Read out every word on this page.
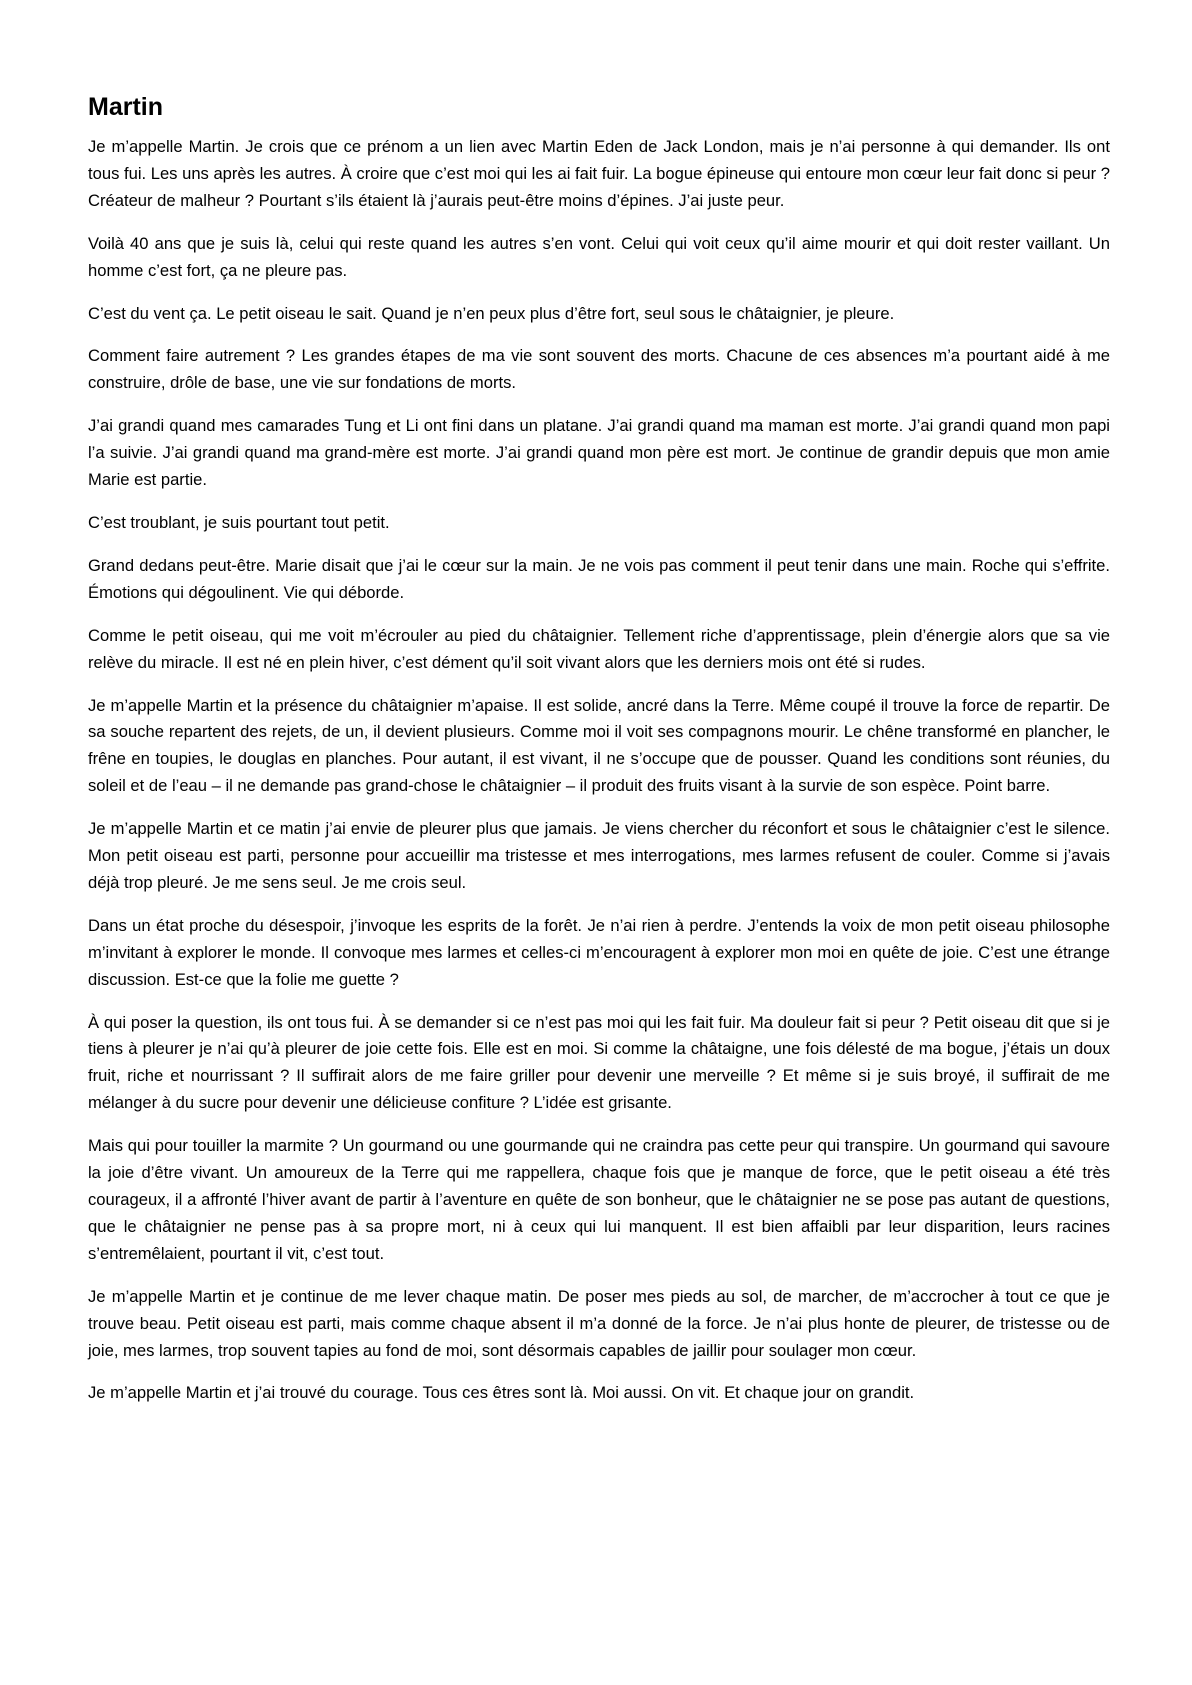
Martin

Je m’appelle Martin. Je crois que ce prénom a un lien avec Martin Eden de Jack London, mais je n’ai personne à qui demander. Ils ont tous fui. Les uns après les autres. À croire que c’est moi qui les ai fait fuir. La bogue épineuse qui entoure mon cœur leur fait donc si peur ? Créateur de malheur ? Pourtant s’ils étaient là j’aurais peut-être moins d’épines. J’ai juste peur.

Voilà 40 ans que je suis là, celui qui reste quand les autres s’en vont. Celui qui voit ceux qu’il aime mourir et qui doit rester vaillant. Un homme c’est fort, ça ne pleure pas.

C’est du vent ça. Le petit oiseau le sait. Quand je n’en peux plus d’être fort, seul sous le châtaignier, je pleure.

Comment faire autrement ? Les grandes étapes de ma vie sont souvent des morts. Chacune de ces absences m’a pourtant aidé à me construire, drôle de base, une vie sur fondations de morts.

J’ai grandi quand mes camarades Tung et Li ont fini dans un platane. J’ai grandi quand ma maman est morte. J’ai grandi quand mon papi l’a suivie. J’ai grandi quand ma grand-mère est morte. J’ai grandi quand mon père est mort. Je continue de grandir depuis que mon amie Marie est partie.

C’est troublant, je suis pourtant tout petit.

Grand dedans peut-être. Marie disait que j’ai le cœur sur la main. Je ne vois pas comment il peut tenir dans une main. Roche qui s’effrite. Émotions qui dégoulinent. Vie qui déborde.

Comme le petit oiseau, qui me voit m’écrouler au pied du châtaignier. Tellement riche d’apprentissage, plein d’énergie alors que sa vie relève du miracle. Il est né en plein hiver, c’est dément qu’il soit vivant alors que les derniers mois ont été si rudes.

Je m’appelle Martin et la présence du châtaignier m’apaise. Il est solide, ancré dans la Terre. Même coupé il trouve la force de repartir. De sa souche repartent des rejets, de un, il devient plusieurs. Comme moi il voit ses compagnons mourir. Le chêne transformé en plancher, le frêne en toupies, le douglas en planches. Pour autant, il est vivant, il ne s’occupe que de pousser. Quand les conditions sont réunies, du soleil et de l’eau – il ne demande pas grand-chose le châtaignier – il produit des fruits visant à la survie de son espèce. Point barre.

Je m’appelle Martin et ce matin j’ai envie de pleurer plus que jamais. Je viens chercher du réconfort et sous le châtaignier c’est le silence. Mon petit oiseau est parti, personne pour accueillir ma tristesse et mes interrogations, mes larmes refusent de couler. Comme si j’avais déjà trop pleuré. Je me sens seul. Je me crois seul.

Dans un état proche du désespoir, j’invoque les esprits de la forêt. Je n’ai rien à perdre. J’entends la voix de mon petit oiseau philosophe m’invitant à explorer le monde. Il convoque mes larmes et celles-ci m’encouragent à explorer mon moi en quête de joie. C’est une étrange discussion. Est-ce que la folie me guette ?

À qui poser la question, ils ont tous fui. À se demander si ce n’est pas moi qui les fait fuir. Ma douleur fait si peur ? Petit oiseau dit que si je tiens à pleurer je n’ai qu’à pleurer de joie cette fois. Elle est en moi. Si comme la châtaigne, une fois délesté de ma bogue, j’étais un doux fruit, riche et nourrissant ? Il suffirait alors de me faire griller pour devenir une merveille ? Et même si je suis broyé, il suffirait de me mélanger à du sucre pour devenir une délicieuse confiture ? L’idée est grisante.

Mais qui pour touiller la marmite ? Un gourmand ou une gourmande qui ne craindra pas cette peur qui transpire. Un gourmand qui savoure la joie d’être vivant. Un amoureux de la Terre qui me rappellera, chaque fois que je manque de force, que le petit oiseau a été très courageux, il a affronté l’hiver avant de partir à l’aventure en quête de son bonheur, que le châtaignier ne se pose pas autant de questions, que le châtaignier ne pense pas à sa propre mort, ni à ceux qui lui manquent. Il est bien affaibli par leur disparition, leurs racines s’entremêlaient, pourtant il vit, c’est tout.

Je m’appelle Martin et je continue de me lever chaque matin. De poser mes pieds au sol, de marcher, de m’accrocher à tout ce que je trouve beau. Petit oiseau est parti, mais comme chaque absent il m’a donné de la force. Je n’ai plus honte de pleurer, de tristesse ou de joie, mes larmes, trop souvent tapies au fond de moi, sont désormais capables de jaillir pour soulager mon cœur.

Je m’appelle Martin et j’ai trouvé du courage. Tous ces êtres sont là. Moi aussi. On vit. Et chaque jour on grandit.
